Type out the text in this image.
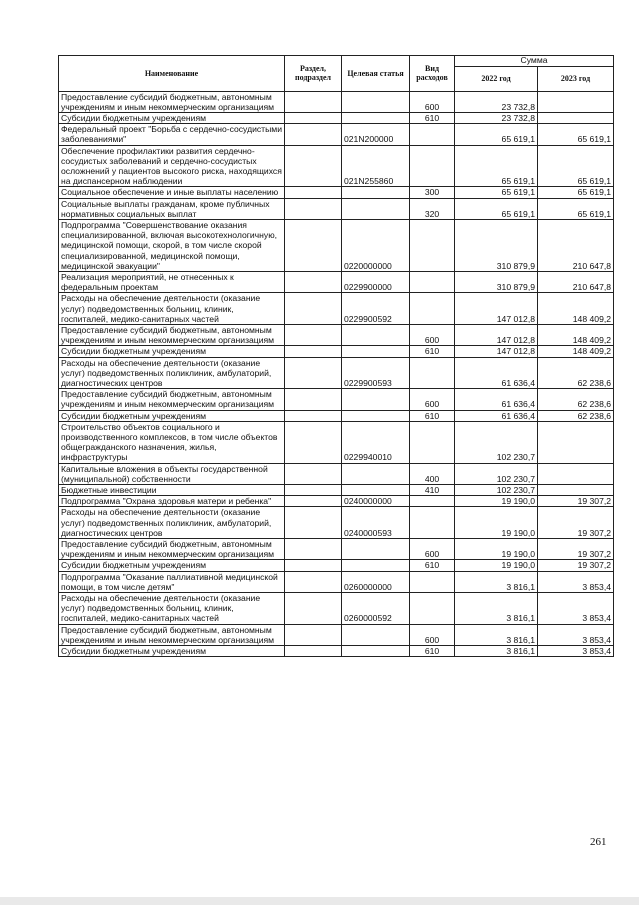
Наименование	Раздел, подраздел	Целевая статья	Вид расходов	Сумма	
				2022 год	2023 год
Предоставление субсидий бюджетным, автономным учреждениям и иным некоммерческим организациям			600	23 732,8	
Субсидии бюджетным учреждениям			610	23 732,8	
Федеральный проект "Борьба с сердечно-сосудистыми заболеваниями"		021N200000		65 619,1	65 619,1
Обеспечение профилактики развития сердечно-сосудистых заболеваний и сердечно-сосудистых осложнений у пациентов высокого риска, находящихся на диспансерном наблюдении		021N255860		65 619,1	65 619,1
Социальное обеспечение и иные выплаты населению			300	65 619,1	65 619,1
Социальные выплаты гражданам, кроме публичных нормативных социальных выплат			320	65 619,1	65 619,1
Подпрограмма "Совершенствование оказания специализированной, включая высокотехнологичную, медицинской помощи, скорой, в том числе скорой специализированной, медицинской помощи, медицинской эвакуации"		0220000000		310 879,9	210 647,8
Реализация мероприятий, не отнесенных к федеральным проектам		0229900000		310 879,9	210 647,8
Расходы на обеспечение деятельности (оказание услуг) подведомственных больниц, клиник, госпиталей, медико-санитарных частей		0229900592		147 012,8	148 409,2
Предоставление субсидий бюджетным, автономным учреждениям и иным некоммерческим организациям			600	147 012,8	148 409,2
Субсидии бюджетным учреждениям			610	147 012,8	148 409,2
Расходы на обеспечение деятельности (оказание услуг) подведомственных поликлиник, амбулаторий, диагностических центров		0229900593		61 636,4	62 238,6
Предоставление субсидий бюджетным, автономным учреждениям и иным некоммерческим организациям			600	61 636,4	62 238,6
Субсидии бюджетным учреждениям			610	61 636,4	62 238,6
Строительство объектов социального и производственного комплексов, в том числе объектов общегражданского назначения, жилья, инфраструктуры		0229940010		102 230,7	
Капитальные вложения в объекты государственной (муниципальной) собственности			400	102 230,7	
Бюджетные инвестиции			410	102 230,7	
Подпрограмма "Охрана здоровья матери и ребенка"		0240000000		19 190,0	19 307,2
Расходы на обеспечение деятельности (оказание услуг) подведомственных поликлиник, амбулаторий, диагностических центров		0240000593		19 190,0	19 307,2
Предоставление субсидий бюджетным, автономным учреждениям и иным некоммерческим организациям			600	19 190,0	19 307,2
Субсидии бюджетным учреждениям			610	19 190,0	19 307,2
Подпрограмма "Оказание паллиативной медицинской помощи, в том числе детям"		0260000000		3 816,1	3 853,4
Расходы на обеспечение деятельности (оказание услуг) подведомственных больниц, клиник, госпиталей, медико-санитарных частей		0260000592		3 816,1	3 853,4
Предоставление субсидий бюджетным, автономным учреждениям и иным некоммерческим организациям			600	3 816,1	3 853,4
Субсидии бюджетным учреждениям			610	3 816,1	3 853,4
261
